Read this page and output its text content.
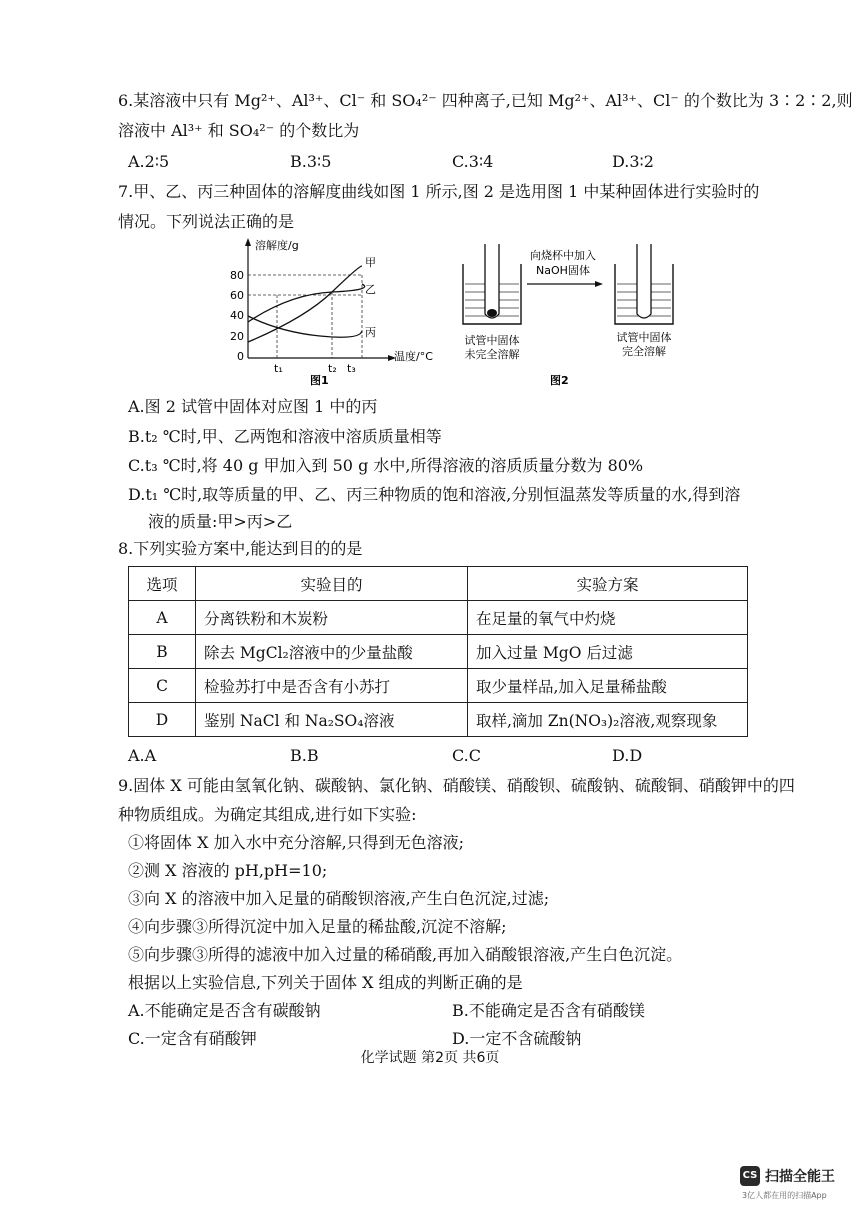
6.某溶液中只有 Mg²⁺、Al³⁺、Cl⁻ 和 SO₄²⁻ 四种离子,已知 Mg²⁺、Al³⁺、Cl⁻ 的个数比为 3∶2∶2,则
溶液中 Al³⁺ 和 SO₄²⁻ 的个数比为
A.2∶5	B.3∶5	C.3∶4	D.3∶2
7.甲、乙、丙三种固体的溶解度曲线如图 1 所示,图 2 是选用图 1 中某种固体进行实验时的
情况。下列说法正确的是
溶解度/g
温度/°C
0
20
40
60
80
t₁	t₂ t₃
甲
乙
丙
图1
向烧杯中加入
NaOH固体
试管中固体
未完全溶解
试管中固体
完全溶解
图2
A.图 2 试管中固体对应图 1 中的丙
B.t₂ ℃时,甲、乙两饱和溶液中溶质质量相等
C.t₃ ℃时,将 40 g 甲加入到 50 g 水中,所得溶液的溶质质量分数为 80%
D.t₁ ℃时,取等质量的甲、乙、丙三种物质的饱和溶液,分别恒温蒸发等质量的水,得到溶
液的质量:甲>丙>乙
8.下列实验方案中,能达到目的的是
选项	实验目的	实验方案
A	分离铁粉和木炭粉	在足量的氧气中灼烧
B	除去 MgCl₂溶液中的少量盐酸	加入过量 MgO 后过滤
C	检验苏打中是否含有小苏打	取少量样品,加入足量稀盐酸
D	鉴别 NaCl 和 Na₂SO₄溶液	取样,滴加 Zn(NO₃)₂溶液,观察现象
A.A	B.B	C.C	D.D
9.固体 X 可能由氢氧化钠、碳酸钠、氯化钠、硝酸镁、硝酸钡、硫酸钠、硫酸铜、硝酸钾中的四
种物质组成。为确定其组成,进行如下实验:
①将固体 X 加入水中充分溶解,只得到无色溶液;
②测 X 溶液的 pH,pH=10;
③向 X 的溶液中加入足量的硝酸钡溶液,产生白色沉淀,过滤;
④向步骤③所得沉淀中加入足量的稀盐酸,沉淀不溶解;
⑤向步骤③所得的滤液中加入过量的稀硝酸,再加入硝酸银溶液,产生白色沉淀。
根据以上实验信息,下列关于固体 X 组成的判断正确的是
A.不能确定是否含有碳酸钠	B.不能确定是否含有硝酸镁
C.一定含有硝酸钾	D.一定不含硫酸钠
化学试题 第2页 共6页
CS 扫描全能王
3亿人都在用的扫描App
